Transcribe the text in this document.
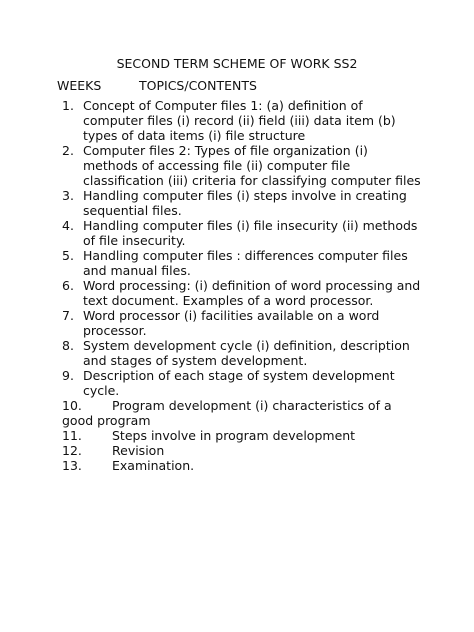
SECOND TERM SCHEME OF WORK SS2
WEEKS	TOPICS/CONTENTS
1. Concept of Computer files 1: (a) definition of computer files (i) record (ii) field (iii) data item (b) types of data items (i) file structure
2. Computer files 2: Types of file organization (i) methods of accessing file (ii) computer file classification (iii) criteria for classifying computer files
3. Handling computer files (i) steps involve in creating sequential files.
4. Handling computer files (i) file insecurity (ii) methods of file insecurity.
5. Handling computer files : differences computer files and manual files.
6. Word processing: (i) definition of word processing and text document. Examples of a word processor.
7. Word processor (i) facilities available on a word processor.
8. System development cycle (i) definition, description and stages of system development.
9. Description of each stage of system development cycle.
10.	Program development (i) characteristics of a good program
11.	Steps involve in program development
12.	Revision
13.	Examination.
